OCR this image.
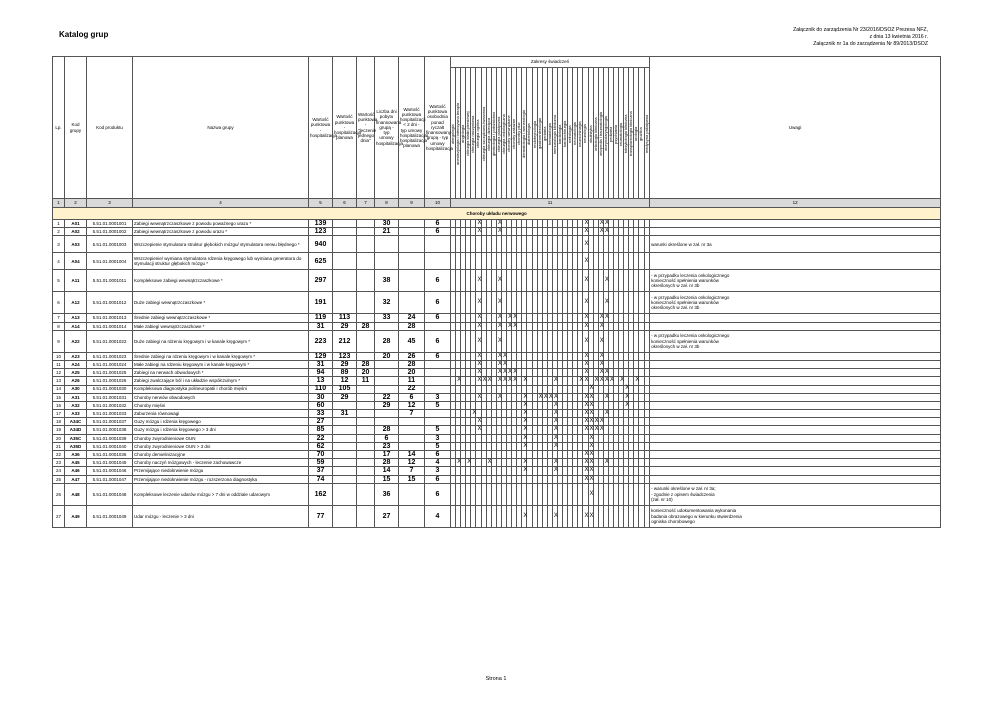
Katalog grup	Załącznik do zarządzenia Nr 23/2016/DSOZ Prezesa NFZ,
z dnia 13 kwietnia 2016 r.
Załącznik nr 1a do zarządzenia Nr 89/2013/DSOZ
Lp.	Kod grupy	Kod produktu	Nazwa grupy	Wartość punktowa - hospitalizacja	Wartość punktowa - hospitalizacja planowa	Wartość punktowa - "leczenie jednego dnia"	Liczba dni pobytu finansowana grupą - typ umowy hospitalizacja	Wartość punktowa hospitalizacji < 2 dni - typ umowy hospitalizacja/ hospitalizacja planowa	Wartość punktowa osobodnia ponad ryczałt finansowany grupą - typ umowy hospitalizacja	Zakresy świadczeń																																							Uwagi

										alergologia	anestezjologia i intensywna terapia	angiologia	chirurgia klatki piersiowej	chirurgia naczyniowa	chirurgia ogólna	chirurgia szczękowo-twarzowa	chirurgia dziecięca	ginekologia i położnictwo	chirurgia plastyczna	chirurgia onkologiczna	choroby wewnętrzne	choroby zakaźne	choroby płuc	dermatologia i wenerologia	diabetologia	endokrynologia	gastroenterologia	geriatria	hematologia	immunologia kliniczna	kardiologia	kardiochirurgia	nefrologia	neonatologia	neurochirurgia	neurologia	okulistyka	onkologia kliniczna	ortopedia i traumatologia	otorynolaryngologia	pediatria	psychiatria	reumatologia	toksykologia kliniczna	transplantologia kliniczna	urologia	gruźlica	medycyna paliatywna	

1	2	3	4	5	6	7	8	9	10	11																																							12
Choroby układu nerwowego																																																	
1	A01	5.51.01.0001001	Zabiegi wewnątrzczaszkowe z powodu poważnego urazu *	139			30		6						X				X																	X			X	X									
2	A02	5.51.01.0001002	Zabiegi wewnątrzczaszkowe z powodu urazu *	123			21		6						X				X																	X			X	X									
3	A03	5.51.01.0001003	Wszczepienie stymulatora struktur głębokich mózgu/ stymulatora nerwu błędnego *	940																																X													warunki określone w zał. nr 3a

4	A04	5.51.01.0001004	Wszczepienie/ wymiana stymulatora rdzenia kręgowego lub wymiana generatora do stymulacji struktur głębokich mózgu *	625																																X													
5	A11	5.51.01.0001011	Kompleksowe zabiegi wewnątrzczaszkowe *	297			38		6						X				X																	X				X									- w przypadku leczenia onkologicznego
konieczność spełnienia warunków
określonych w zał. nr 3b

6	A12	5.51.01.0001012	Duże zabiegi wewnątrzczaszkowe *	191			32		6						X				X																	X				X									- w przypadku leczenia onkologicznego
konieczność spełnienia warunków
określonych w zał. nr 3b

7	A13	5.51.01.0001013	Średnie zabiegi wewnątrzczaszkowe *	119	113		33	24	6						X				X		X	X														X			X	X									
8	A14	5.51.01.0001014	Małe zabiegi wewnątrzczaszkowe *	31	29	28		28							X				X		X	X														X			X										
9	A22	5.51.01.0001022	Duże zabiegi na rdzeniu kręgowym i w kanale kręgowym *	223	212		28	45	6						X				X																	X			X										- w przypadku leczenia onkologicznego
konieczność spełnienia warunków
określonych w zał. nr 3b

10	A23	5.51.01.0001023	Średnie zabiegi na rdzeniu kręgowym i w kanale kręgowym *	129	123		20	26	6						X				X	X																X			X										
11	A24	5.51.01.0001024	Małe zabiegi na rdzeniu kręgowym i w kanale kręgowym *	31	29	28		28							X				X	X																X			X										
12	A25	5.51.01.0001025	Zabiegi na nerwach obwodowych *	94	89	20		20							X				X	X	X	X														X			X	X									
13	A26	5.51.01.0001026	Zabiegi zwalczające ból i na układzie współczulnym *	13	12	11		11			X				X	X	X		X	X	X	X		X						X					X	X		X	X	X	X		X			X			
14	A30	5.51.01.0001030	Kompleksowa diagnostyka polineuropatii i chorób mięśni	110	105			22																													X							X					
15	A31	5.51.01.0001031	Choroby nerwów obwodowych	30	29		22	6	3						X				X					X			X	X	X	X						X	X			X				X					
16	A32	5.51.01.0001032	Choroby mięśni	60			29	12	5															X						X						X	X							X					
17	A33	5.51.01.0001033	Zaburzenia równowagi	33	31			7						X										X						X						X	X			X									
18	A34C	5.51.01.0001037	Guzy mózgu i rdzenia kręgowego	27											X									X						X						X	X	X	X										
19	A34D	5.51.01.0001038	Guzy mózgu i rdzenia kręgowego > 3 dni	85			28		5						X									X						X						X	X	X	X										
20	A35C	5.51.01.0001039	Choroby zwyrodnieniowe OUN	22			6		3															X						X							X												
21	A35D	5.51.01.0001040	Choroby zwyrodnieniowe OUN > 3 dni	62			23		5															X						X							X												
22	A36	5.51.01.0001036	Choroby demielinizacyjne	70			17	14	6																											X	X												
23	A45	5.51.01.0001045	Choroby naczyń mózgowych - leczenie zachowawcze	59			28	12	4		X		X				X							X						X						X	X			X									
24	A46	5.51.01.0001046	Przemijające niedokrwienie mózgu	37			14	7	3															X						X						X	X												
25	A47	5.51.01.0001047	Przemijające niedokrwienie mózgu - rozszerzona diagnostyka	74			15	15	6																											X	X												
26	A48	5.51.01.0001048	Kompleksowe leczenie udarów mózgu > 7 dni w oddziale udarowym	162			36		6																												X												- warunki określone w zał. nr 3a;
- zgodnie z opisem świadczenia
(zał. nr 10)

27	A49	5.51.01.0001049	Udar mózgu - leczenie > 3 dni	77			27		4															X						X						X	X												konieczność udokumentowania wykonania
badania obrazowego w kierunku stwierdzenia
ogniska chorobowego
Strona 1
